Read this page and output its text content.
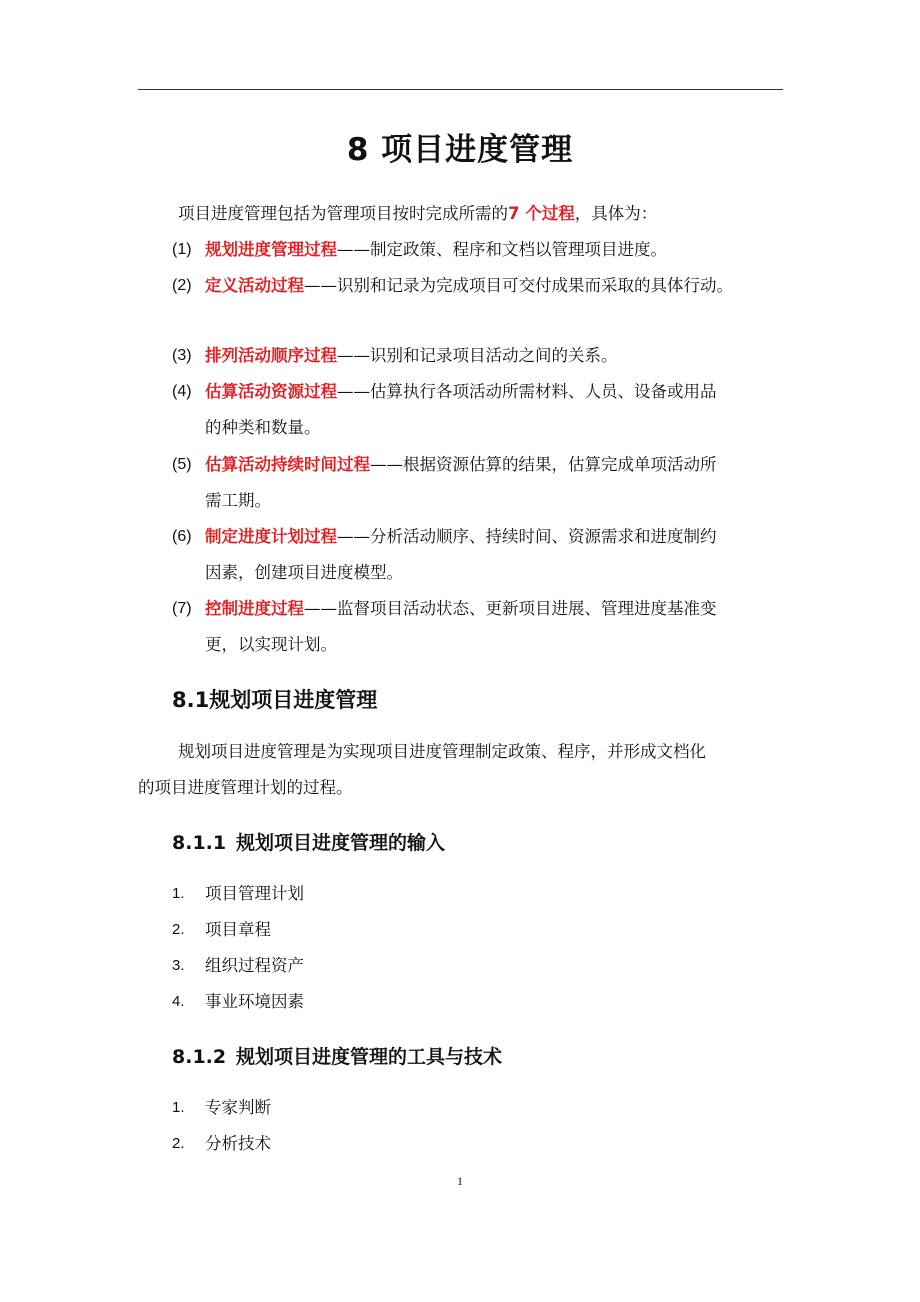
8 项目进度管理

项目进度管理包括为管理项目按时完成所需的7 个过程，具体为：

(1) 规划进度管理过程——制定政策、程序和文档以管理项目进度。
(2) 定义活动过程——识别和记录为完成项目可交付成果而采取的具体行动。
(3) 排列活动顺序过程——识别和记录项目活动之间的关系。
(4) 估算活动资源过程——估算执行各项活动所需材料、人员、设备或用品
的种类和数量。
(5) 估算活动持续时间过程——根据资源估算的结果，估算完成单项活动所
需工期。
(6) 制定进度计划过程——分析活动顺序、持续时间、资源需求和进度制约
因素，创建项目进度模型。
(7) 控制进度过程——监督项目活动状态、更新项目进展、管理进度基准变
更，以实现计划。
8.1规划项目进度管理

规划项目进度管理是为实现项目进度管理制定政策、程序，并形成文档化

的项目进度管理计划的过程。

8.1.1 规划项目进度管理的输入
1. 项目管理计划
2. 项目章程
3. 组织过程资产
4. 事业环境因素
8.1.2 规划项目进度管理的工具与技术
1. 专家判断
2. 分析技术
1
